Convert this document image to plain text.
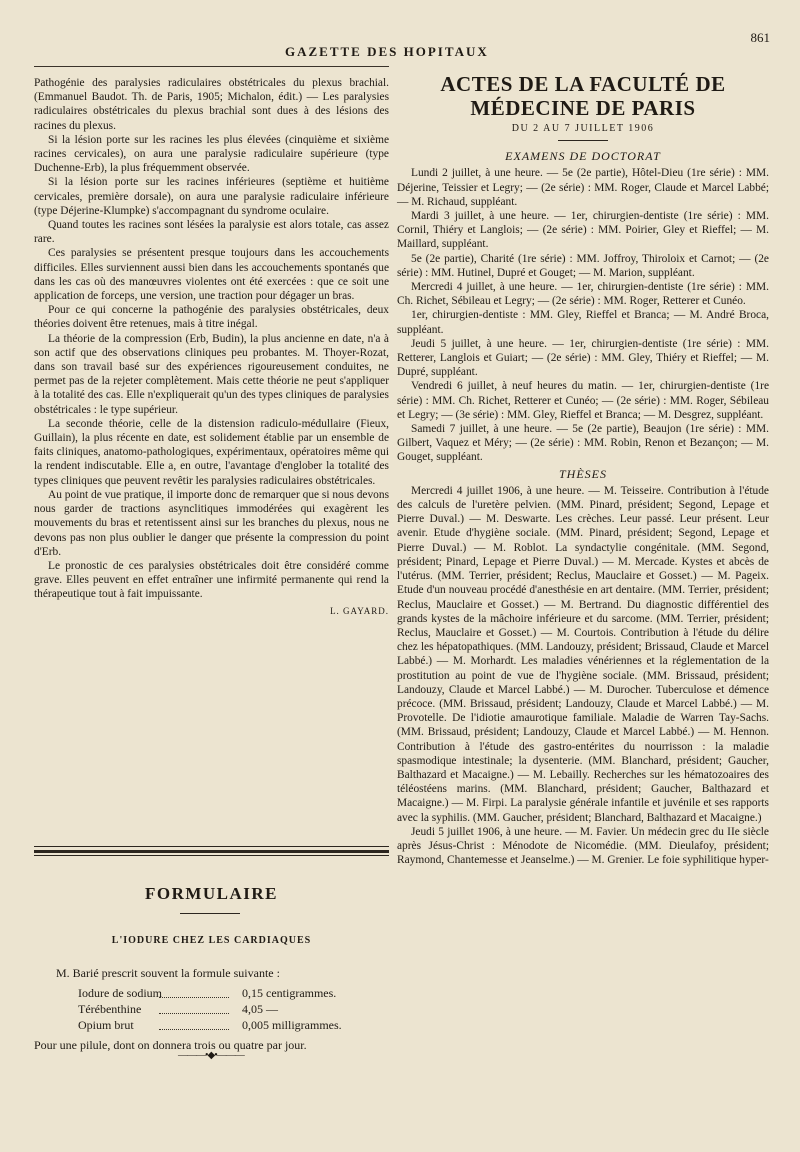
GAZETTE DES HOPITAUX
861

Pathogénie des paralysies radiculaires obstétricales du plexus brachial. (Emmanuel Baudot. Th. de Paris, 1905; Michalon, édit.) — Les paralysies radiculaires obstétricales du plexus brachial sont dues à des lésions des racines du plexus.

Si la lésion porte sur les racines les plus élevées (cinquième et sixième racines cervicales), on aura une paralysie radiculaire supérieure (type Duchenne-Erb), la plus fréquemment observée.

Si la lésion porte sur les racines inférieures (septième et huitième cervicales, première dorsale), on aura une paralysie radiculaire inférieure (type Déjerine-Klumpke) s'accompagnant du syndrome oculaire.

Quand toutes les racines sont lésées la paralysie est alors totale, cas assez rare.

Ces paralysies se présentent presque toujours dans les accouchements difficiles. Elles surviennent aussi bien dans les accouchements spontanés que dans les cas où des manœuvres violentes ont été exercées : que ce soit une application de forceps, une version, une traction pour dégager un bras.

Pour ce qui concerne la pathogénie des paralysies obstétricales, deux théories doivent être retenues, mais à titre inégal.

La théorie de la compression (Erb, Budin), la plus ancienne en date, n'a à son actif que des observations cliniques peu probantes. M. Thoyer-Rozat, dans son travail basé sur des expériences rigoureusement conduites, ne permet pas de la rejeter complètement. Mais cette théorie ne peut s'appliquer à la totalité des cas. Elle n'expliquerait qu'un des types cliniques de paralysies obstétricales : le type supérieur.

La seconde théorie, celle de la distension radiculo-médullaire (Fieux, Guillain), la plus récente en date, est solidement établie par un ensemble de faits cliniques, anatomo-pathologiques, expérimentaux, opératoires même qui la rendent indiscutable. Elle a, en outre, l'avantage d'englober la totalité des types cliniques que peuvent revêtir les paralysies radiculaires obstétricales.

Au point de vue pratique, il importe donc de remarquer que si nous devons nous garder de tractions asynclitiques immodérées qui exagèrent les mouvements du bras et retentissent ainsi sur les branches du plexus, nous ne devons pas non plus oublier le danger que présente la compression du point d'Erb.

Le pronostic de ces paralysies obstétricales doit être considéré comme grave. Elles peuvent en effet entraîner une infirmité permanente qui rend la thérapeutique tout à fait impuissante.

L. GAYARD.
FORMULAIRE
L'IODURE CHEZ LES CARDIAQUES

M. Barié prescrit souvent la formule suivante :

Iodure de sodium	0,15 centigrammes.
Térébenthine	4,05 —
Opium brut	0,005 milligrammes.

Pour une pilule, dont on donnera trois ou quatre par jour.

———•◆•———
ACTES DE LA FACULTÉ DE MÉDECINE DE PARIS
DU 2 AU 7 JUILLET 1906
EXAMENS DE DOCTORAT

Lundi 2 juillet, à une heure. — 5e (2e partie), Hôtel-Dieu (1re série) : MM. Déjerine, Teissier et Legry; — (2e série) : MM. Roger, Claude et Marcel Labbé; — M. Richaud, suppléant.

Mardi 3 juillet, à une heure. — 1er, chirurgien-dentiste (1re série) : MM. Cornil, Thiéry et Langlois; — (2e série) : MM. Poirier, Gley et Rieffel; — M. Maillard, suppléant.

5e (2e partie), Charité (1re série) : MM. Joffroy, Thiroloix et Carnot; — (2e série) : MM. Hutinel, Dupré et Gouget; — M. Marion, suppléant.

Mercredi 4 juillet, à une heure. — 1er, chirurgien-dentiste (1re série) : MM. Ch. Richet, Sébileau et Legry; — (2e série) : MM. Roger, Retterer et Cunéo.

1er, chirurgien-dentiste : MM. Gley, Rieffel et Branca; — M. André Broca, suppléant.

Jeudi 5 juillet, à une heure. — 1er, chirurgien-dentiste (1re série) : MM. Retterer, Langlois et Guiart; — (2e série) : MM. Gley, Thiéry et Rieffel; — M. Dupré, suppléant.

Vendredi 6 juillet, à neuf heures du matin. — 1er, chirurgien-dentiste (1re série) : MM. Ch. Richet, Retterer et Cunéo; — (2e série) : MM. Roger, Sébileau et Legry; — (3e série) : MM. Gley, Rieffel et Branca; — M. Desgrez, suppléant.

Samedi 7 juillet, à une heure. — 5e (2e partie), Beaujon (1re série) : MM. Gilbert, Vaquez et Méry; — (2e série) : MM. Robin, Renon et Bezançon; — M. Gouget, suppléant.

THÈSES

Mercredi 4 juillet 1906, à une heure. — M. Teisseire. Contribution à l'étude des calculs de l'uretère pelvien. (MM. Pinard, président; Segond, Lepage et Pierre Duval.) — M. Deswarte. Les crèches. Leur passé. Leur présent. Leur avenir. Etude d'hygiène sociale. (MM. Pinard, président; Segond, Lepage et Pierre Duval.) — M. Roblot. La syndactylie congénitale. (MM. Segond, président; Pinard, Lepage et Pierre Duval.) — M. Mercade. Kystes et abcès de l'utérus. (MM. Terrier, président; Reclus, Mauclaire et Gosset.) — M. Pageix. Etude d'un nouveau procédé d'anesthésie en art dentaire. (MM. Terrier, président; Reclus, Mauclaire et Gosset.) — M. Bertrand. Du diagnostic différentiel des grands kystes de la mâchoire inférieure et du sarcome. (MM. Terrier, président; Reclus, Mauclaire et Gosset.) — M. Courtois. Contribution à l'étude du délire chez les hépatopathiques. (MM. Landouzy, président; Brissaud, Claude et Marcel Labbé.) — M. Morhardt. Les maladies vénériennes et la réglementation de la prostitution au point de vue de l'hygiène sociale. (MM. Brissaud, président; Landouzy, Claude et Marcel Labbé.) — M. Durocher. Tuberculose et démence précoce. (MM. Brissaud, président; Landouzy, Claude et Marcel Labbé.) — M. Provotelle. De l'idiotie amaurotique familiale. Maladie de Warren Tay-Sachs. (MM. Brissaud, président; Landouzy, Claude et Marcel Labbé.) — M. Hennon. Contribution à l'étude des gastro-entérites du nourrisson : la maladie spasmodique intestinale; la dysenterie. (MM. Blanchard, président; Gaucher, Balthazard et Macaigne.) — M. Lebailly. Recherches sur les hématozoaires des téléostéens marins. (MM. Blanchard, président; Gaucher, Balthazard et Macaigne.) — M. Firpi. La paralysie générale infantile et juvénile et ses rapports avec la syphilis. (MM. Gaucher, président; Blanchard, Balthazard et Macaigne.)

Jeudi 5 juillet 1906, à une heure. — M. Favier. Un médecin grec du IIe siècle après Jésus-Christ : Ménodote de Nicomédie. (MM. Dieulafoy, président; Raymond, Chantemesse et Jeanselme.) — M. Grenier. Le foie syphilitique hyper-
